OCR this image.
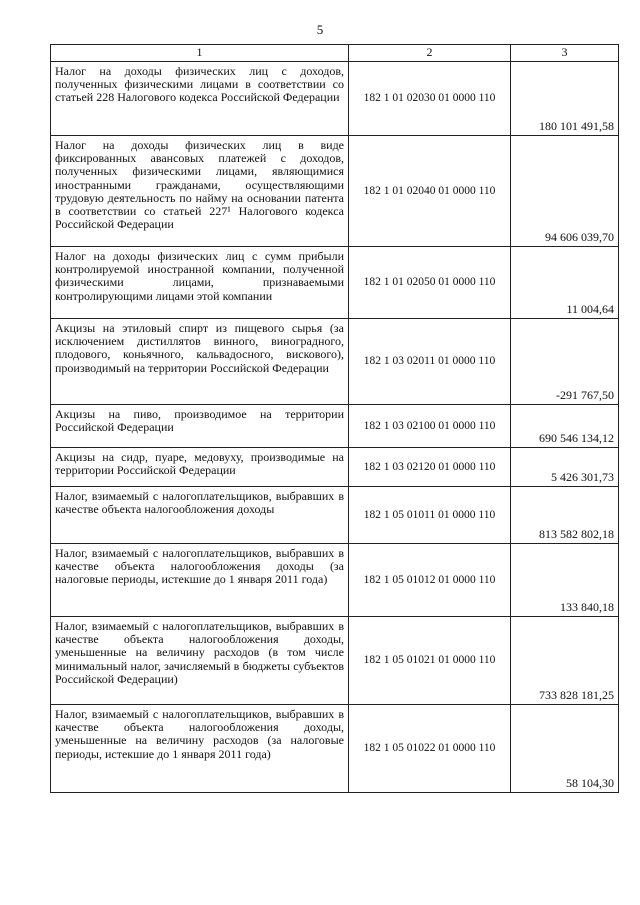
5
1	2	3
Налог на доходы физических лиц с доходов, полученных физическими лицами в соответствии со статьей 228 Налогового кодекса Российской Федерации	182 1 01 02030 01 0000 110	180 101 491,58
Налог на доходы физических лиц в виде фиксированных авансовых платежей с доходов, полученных физическими лицами, являющимися иностранными гражданами, осуществляющими трудовую деятельность по найму на основании патента в соответствии со статьей 227¹ Налогового кодекса Российской Федерации	182 1 01 02040 01 0000 110	94 606 039,70
Налог на доходы физических лиц с сумм прибыли контролируемой иностранной компании, полученной физическими лицами, признаваемыми контролирующими лицами этой компании	182 1 01 02050 01 0000 110	11 004,64
Акцизы на этиловый спирт из пищевого сырья (за исключением дистиллятов винного, виноградного, плодового, коньячного, кальвадосного, вискового), производимый на территории Российской Федерации	182 1 03 02011 01 0000 110	-291 767,50
Акцизы на пиво, производимое на территории Российской Федерации	182 1 03 02100 01 0000 110	690 546 134,12
Акцизы на сидр, пуаре, медовуху, производимые на территории Российской Федерации	182 1 03 02120 01 0000 110	5 426 301,73
Налог, взимаемый с налогоплательщиков, выбравших в качестве объекта налогообложения доходы	182 1 05 01011 01 0000 110	813 582 802,18
Налог, взимаемый с налогоплательщиков, выбравших в качестве объекта налогообложения доходы (за налоговые периоды, истекшие до 1 января 2011 года)	182 1 05 01012 01 0000 110	133 840,18
Налог, взимаемый с налогоплательщиков, выбравших в качестве объекта налогообложения доходы, уменьшенные на величину расходов (в том числе минимальный налог, зачисляемый в бюджеты субъектов Российской Федерации)	182 1 05 01021 01 0000 110	733 828 181,25
Налог, взимаемый с налогоплательщиков, выбравших в качестве объекта налогообложения доходы, уменьшенные на величину расходов (за налоговые периоды, истекшие до 1 января 2011 года)	182 1 05 01022 01 0000 110	58 104,30
